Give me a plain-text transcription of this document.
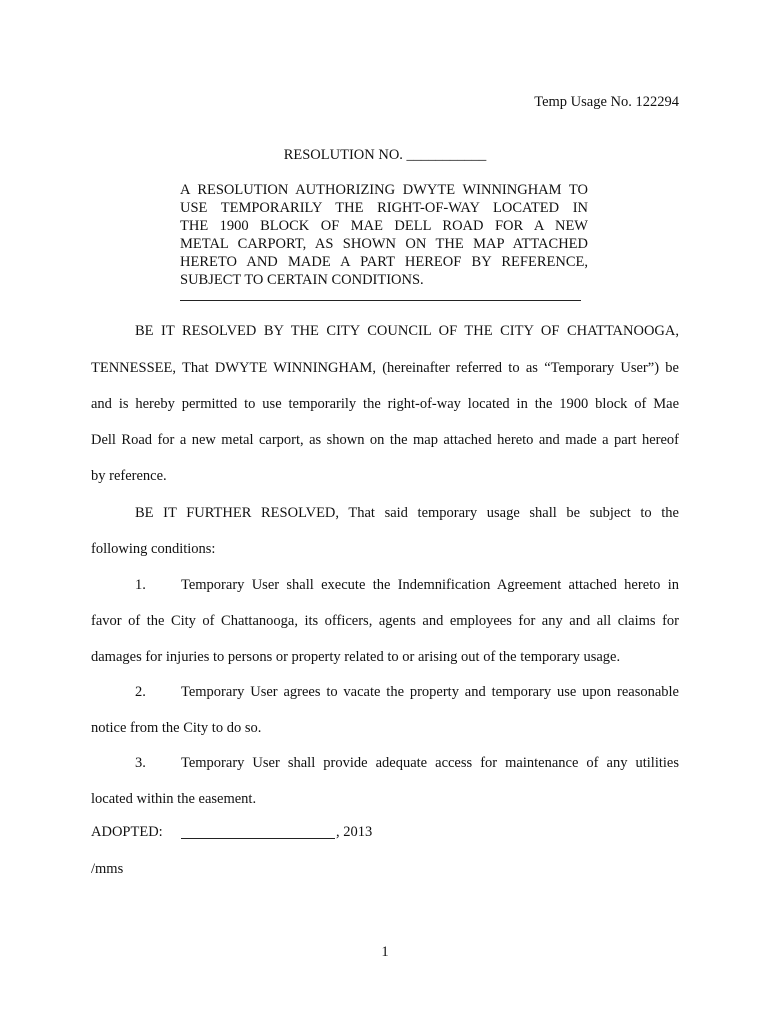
Temp Usage No. 122294
RESOLUTION NO. ___________
A RESOLUTION AUTHORIZING DWYTE WINNINGHAM TO
USE TEMPORARILY THE RIGHT-OF-WAY LOCATED IN
THE 1900 BLOCK OF MAE DELL ROAD FOR A NEW
METAL CARPORT, AS SHOWN ON THE MAP ATTACHED
HERETO AND MADE A PART HEREOF BY REFERENCE,
SUBJECT TO CERTAIN CONDITIONS.
BE IT RESOLVED BY THE CITY COUNCIL OF THE CITY OF CHATTANOOGA,
TENNESSEE, That DWYTE WINNINGHAM, (hereinafter referred to as “Temporary User”) be
and is hereby permitted to use temporarily the right-of-way located in the 1900 block of Mae
Dell Road for a new metal carport, as shown on the map attached hereto and made a part hereof
by reference.
BE IT FURTHER RESOLVED, That said temporary usage shall be subject to the
following conditions:
1. Temporary User shall execute the Indemnification Agreement attached hereto in
favor of the City of Chattanooga, its officers, agents and employees for any and all claims for
damages for injuries to persons or property related to or arising out of the temporary usage.
2. Temporary User agrees to vacate the property and temporary use upon reasonable
notice from the City to do so.
3. Temporary User shall provide adequate access for maintenance of any utilities
located within the easement.
ADOPTED:	, 2013
/mms
1
